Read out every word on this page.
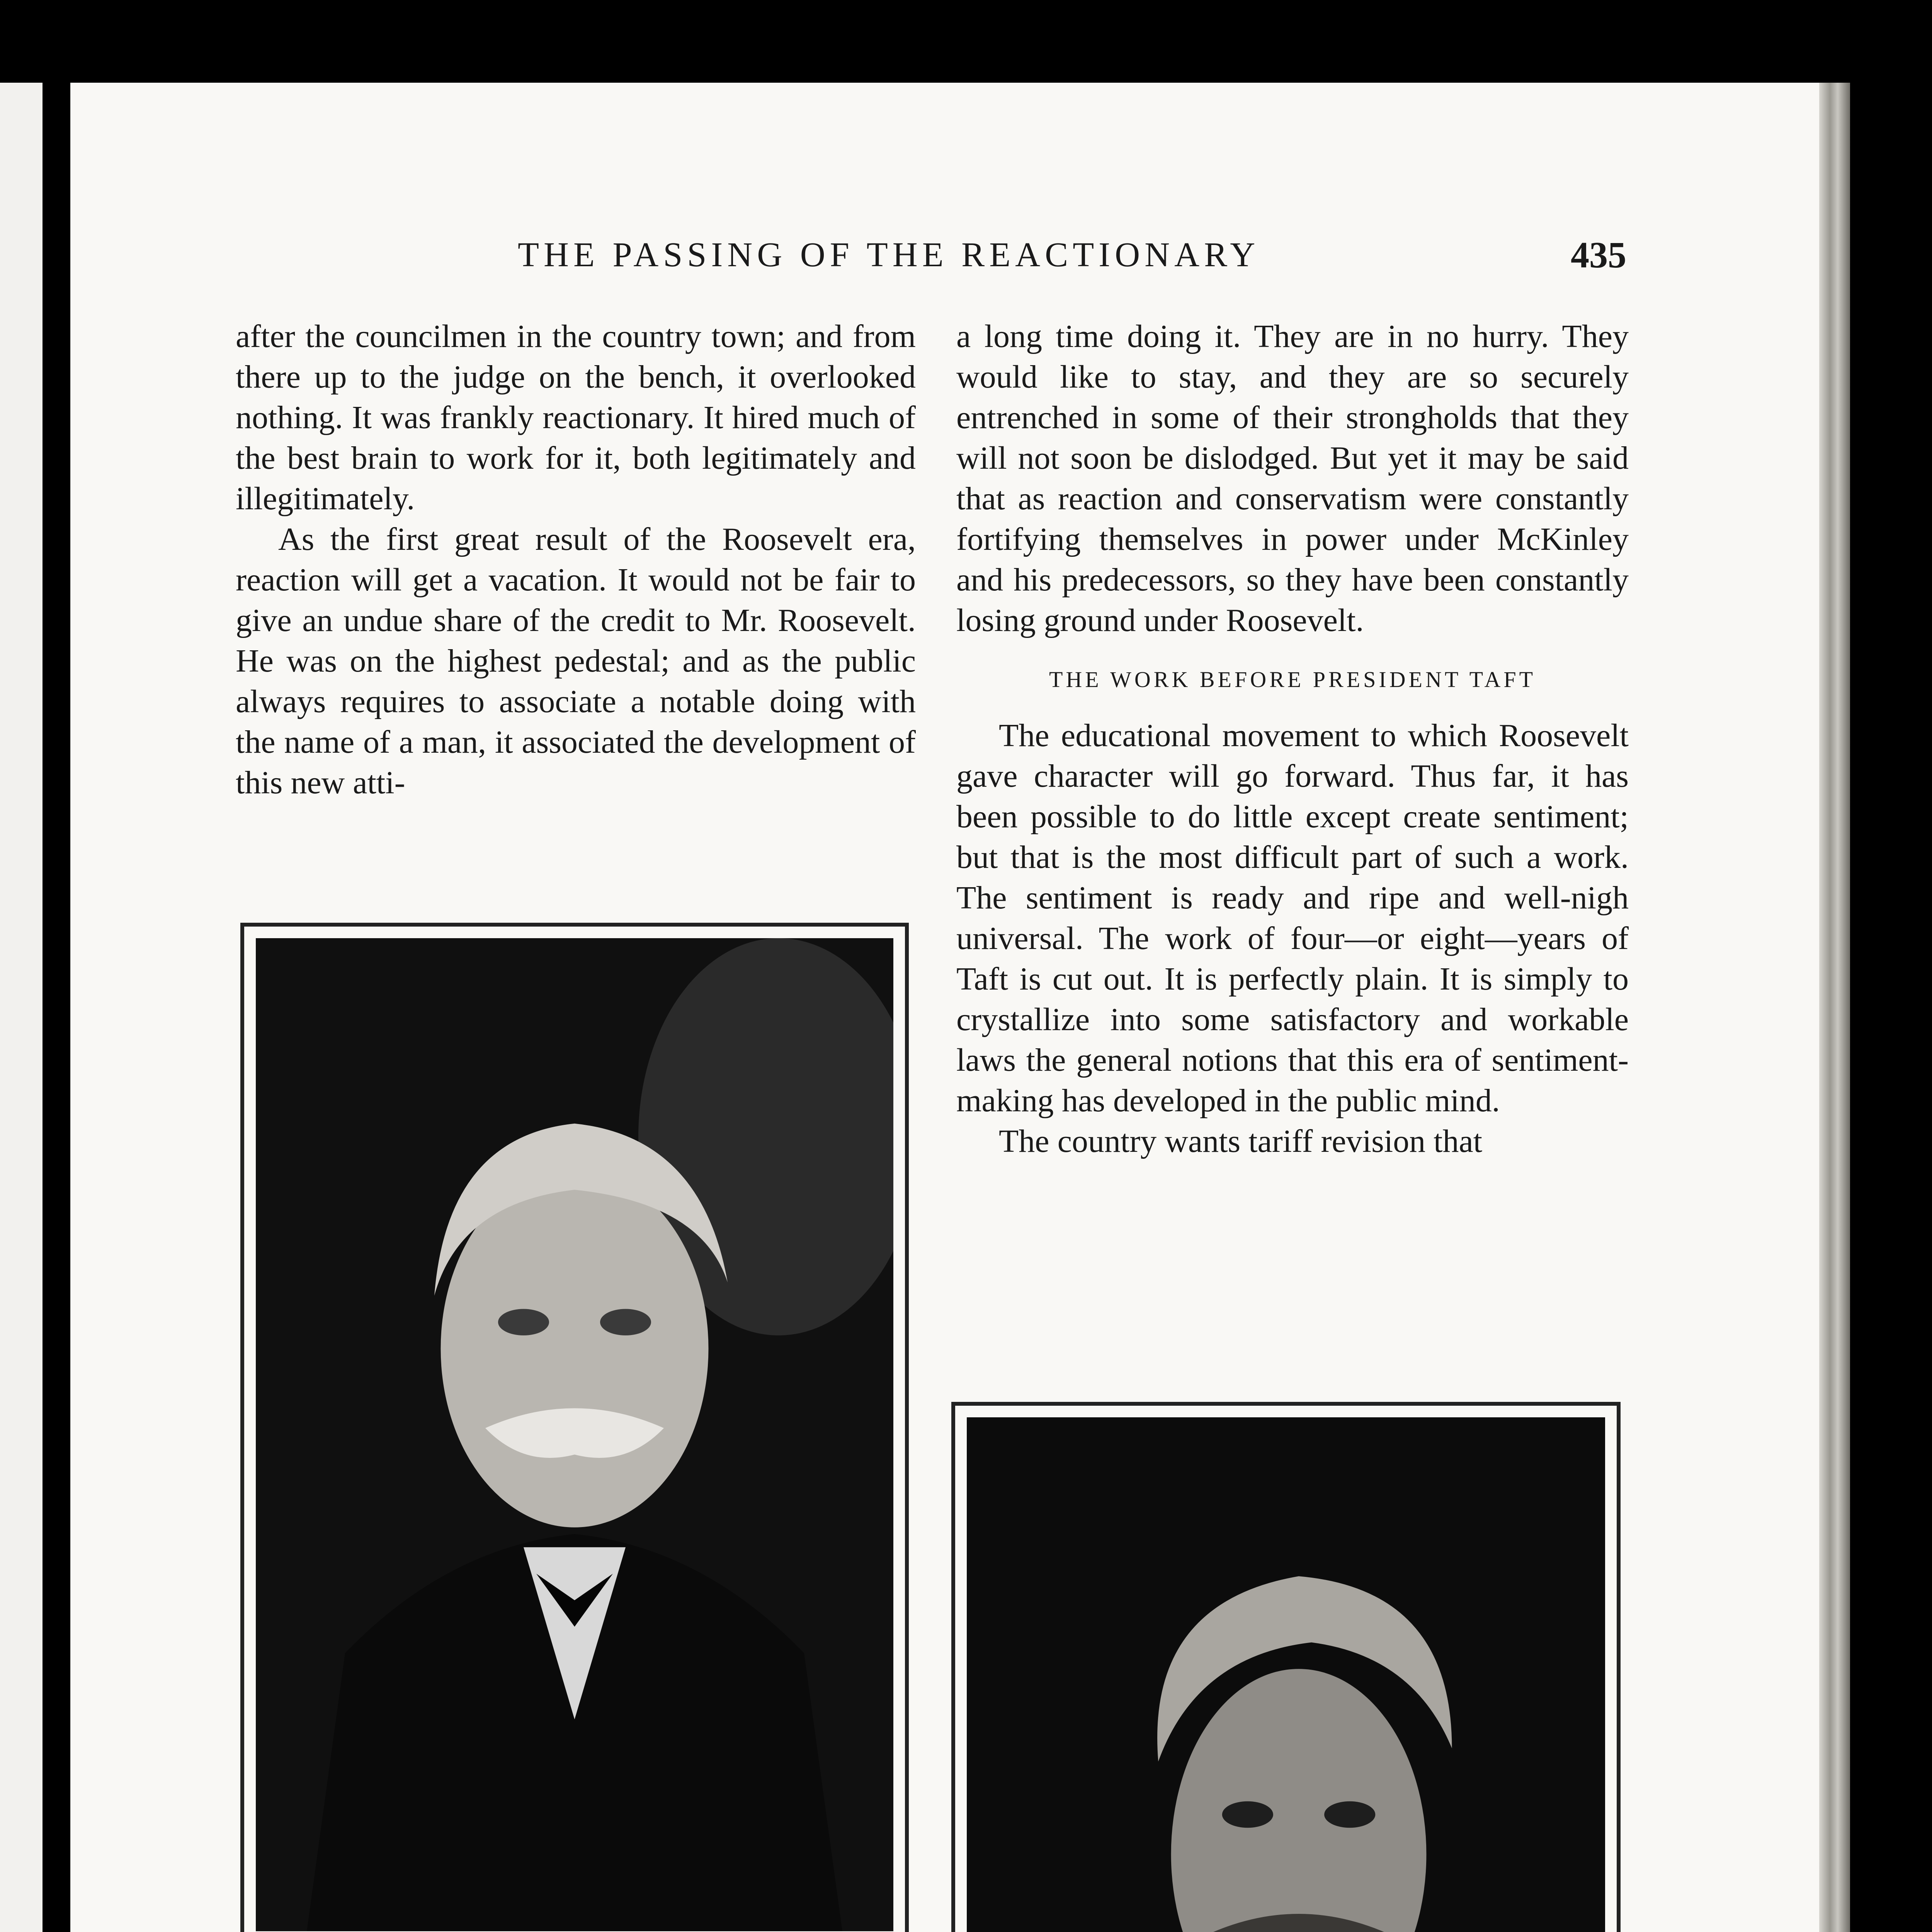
THE PASSING OF THE REACTIONARY	435

after the councilmen in the country town; and from there up to the judge on the bench, it overlooked nothing. It was frankly reactionary. It hired much of the best brain to work for it, both legitimately and illegitimately.

As the first great result of the Roosevelt era, reaction will get a vacation. It would not be fair to give an undue share of the credit to Mr. Roosevelt. He was on the highest pedestal; and as the public always requires to associate a notable doing with the name of a man, it associated the development of this new atti-

a long time doing it. They are in no hurry. They would like to stay, and they are so securely entrenched in some of their strongholds that they will not soon be dislodged. But yet it may be said that as reaction and conservatism were constantly fortifying themselves in power under McKinley and his predecessors, so they have been constantly losing ground under Roosevelt.

THE WORK BEFORE PRESIDENT TAFT

The educational movement to which Roosevelt gave character will go forward. Thus far, it has been possible to do little except create sentiment; but that is the most difficult part of such a work. The sentiment is ready and ripe and well-nigh universal. The work of four—or eight—years of Taft is cut out. It is perfectly plain. It is simply to crystallize into some satisfactory and workable laws the general notions that this era of sentiment-making has developed in the public mind.

The country wants tariff revision that
